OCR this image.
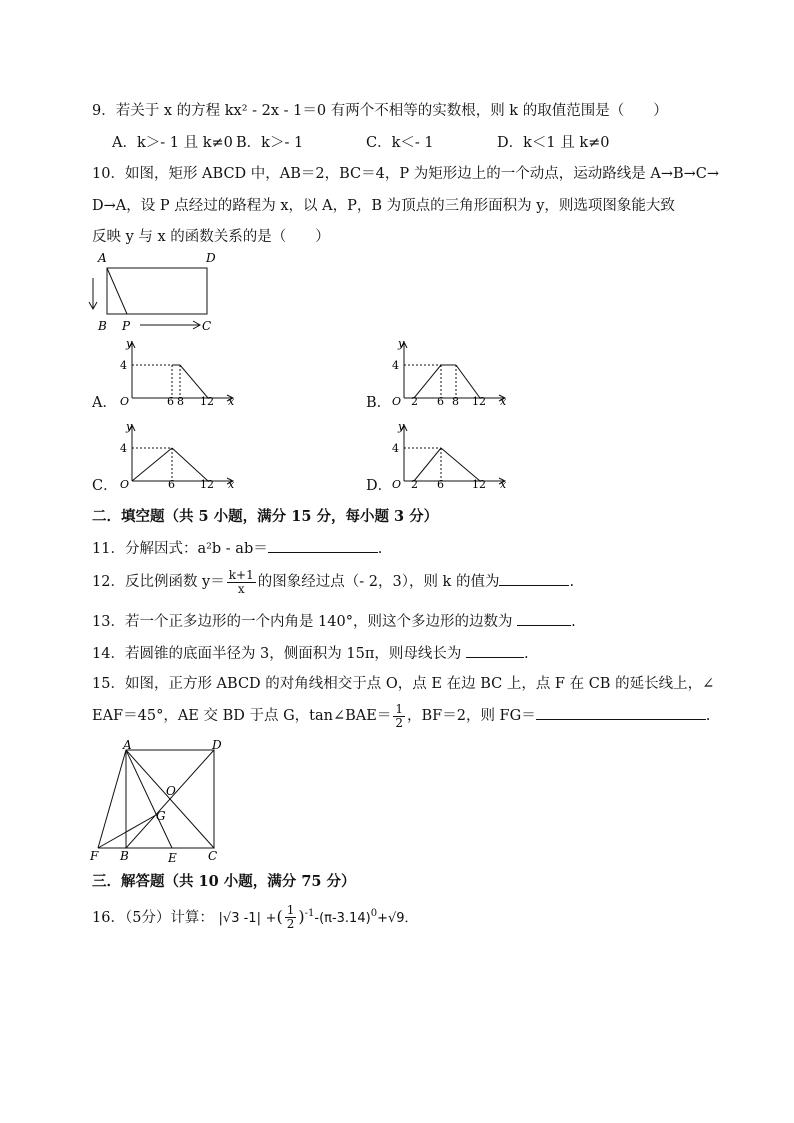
9．若关于 x 的方程 kx² - 2x - 1＝0 有两个不相等的实数根，则 k 的取值范围是（　　）
A．k＞- 1 且 k≠0 B．k＞- 1	C．k＜- 1	D．k＜1 且 k≠0
10．如图，矩形 ABCD 中，AB＝2，BC＝4，P 为矩形边上的一个动点，运动路线是 A→B→C→
D→A，设 P 点经过的路程为 x，以 A，P，B 为顶点的三角形面积为 y，则选项图象能大致
反映 y 与 x 的函数关系的是（　　）
A	D
B P	C
A．
4
y
O	6 8 12 x	B．
4
y
O 2 6 8 12 x
C．
4
y
O	6 12 x	D．
4
y
O 2 6	12 x
二．填空题（共 5 小题，满分 15 分，每小题 3 分）
11．分解因式：a²b - ab＝	.
12．反比例函数 $y= \frac{k+1}{x}$ 的图象经过点（- 2，3），则 k 的值为	.
13．若一个正多边形的一个内角是 140°，则这个多边形的边数为	.
14．若圆锥的底面半径为 3，侧面积为 15π，则母线长为	.
15．如图，正方形 ABCD 的对角线相交于点 O，点 E 在边 BC 上，点 F 在 CB 的延长线上，∠
EAF＝45°，AE 交 BD 于点 G，tan∠BAE＝ $\frac{1}{2}$ ，BF＝2，则 FG＝	.
A	D
O
G
F B	E	C
三．解答题（共 10 小题，满分 75 分）
16．（5分）计算： |√3 -1| +( $\frac{1}{2} )^{-1}-(\pi-3.14)^0+√9$．
